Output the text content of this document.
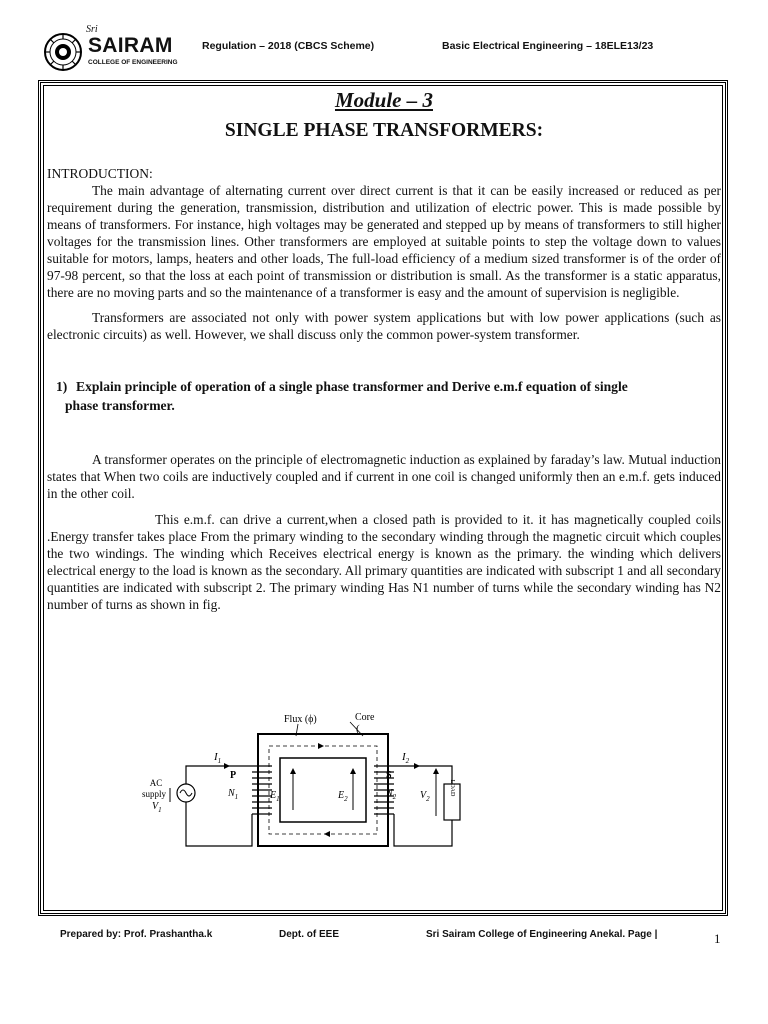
Sri
SAIRAM
COLLEGE OF ENGINEERING
Regulation – 2018 (CBCS Scheme)	Basic Electrical Engineering – 18ELE13/23
Module – 3
SINGLE PHASE TRANSFORMERS:
INTRODUCTION:

The main advantage of alternating current over direct current is that it can be easily increased or reduced as per requirement during the generation, transmission, distribution and utilization of electric power. This is made possible by means of transformers. For instance, high voltages may be generated and stepped up by means of transformers to still higher voltages for the transmission lines. Other transformers are employed at suitable points to step the voltage down to values suitable for motors, lamps, heaters and other loads, The full-load efficiency of a medium sized transformer is of the order of 97-98 percent, so that the loss at each point of transmission or distribution is small. As the transformer is a static apparatus, there are no moving parts and so the maintenance of a transformer is easy and the amount of supervision is negligible.

Transformers are associated not only with power system applications but with low power applications (such as electronic circuits) as well. However, we shall discuss only the common power-system transformer.

1) Explain principle of operation of a single phase transformer and Derive e.m.f equation of single
phase transformer.

A transformer operates on the principle of electromagnetic induction as explained by faraday’s law. Mutual induction states that When two coils are inductively coupled and if current in one coil is changed uniformly then an e.m.f. gets induced in the other coil.

This e.m.f. can drive a current,when a closed path is provided to it. it has magnetically coupled coils .Energy transfer takes place From the primary winding to the secondary winding through the magnetic circuit which couples the two windings. The winding which Receives electrical energy is known as the primary. the winding which delivers electrical energy to the load is known as the secondary. All primary quantities are indicated with subscript 1 and all secondary quantities are indicated with subscript 2. The primary winding Has N1 number of turns while the secondary winding has N2 number of turns as shown in fig.

Flux (ϕ)	Core
(
$I_1$	$I_2$
P	S
$N_1$	$N_2$
$E_1$	$E_2$	$V_2$
AC
supply
$V_1$
LOAD
Prepared by: Prof. Prashantha.k	Dept. of EEE	Sri Sairam College of Engineering Anekal. Page |	1
